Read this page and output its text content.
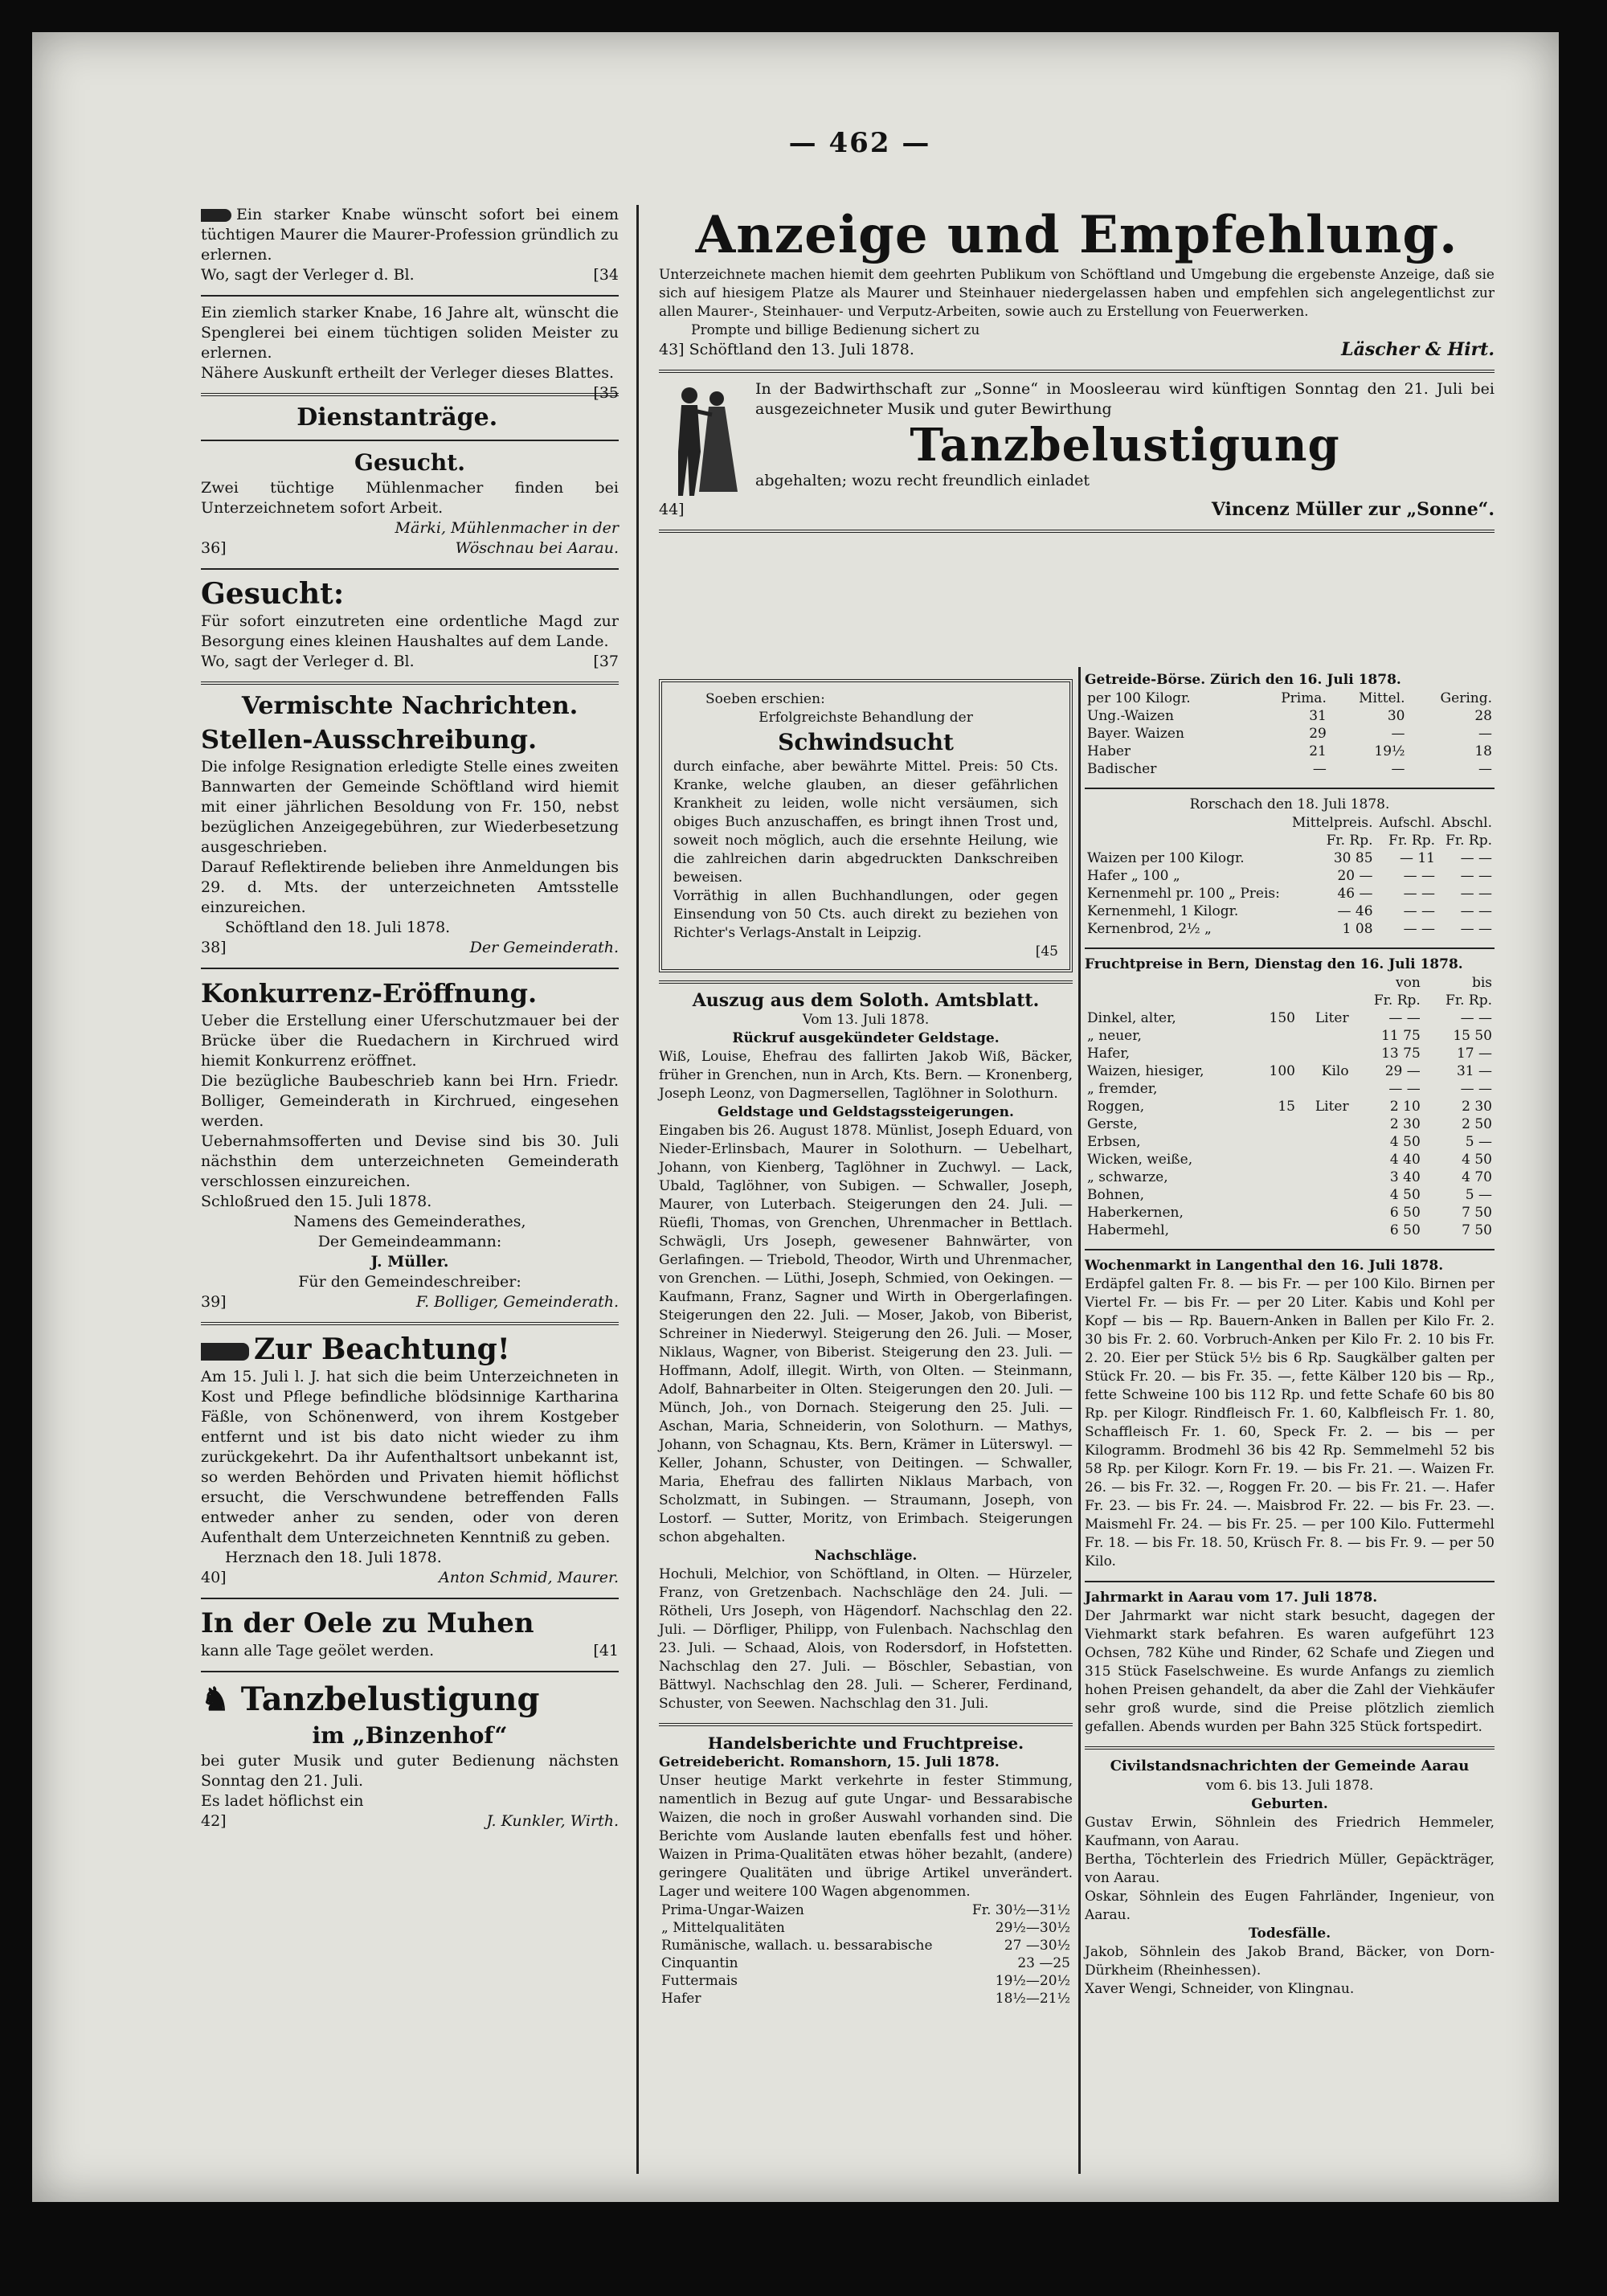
— 462 —

Ein starker Knabe wünscht sofort bei einem tüchtigen Maurer die Maurer-Profession gründlich zu erlernen.

Wo, sagt der Verleger d. Bl.	[34

Ein ziemlich starker Knabe, 16 Jahre alt, wünscht die Spenglerei bei einem tüchtigen soliden Meister zu erlernen.

Nähere Auskunft ertheilt der Verleger dieses Blattes.
[35

Dienstanträge.

Gesucht.

Zwei tüchtige Mühlenmacher finden bei Unterzeichnetem sofort Arbeit.

Märki, Mühlenmacher in der

36]	Wöschnau bei Aarau.

Gesucht:

Für sofort einzutreten eine ordentliche Magd zur Besorgung eines kleinen Haushaltes auf dem Lande.

Wo, sagt der Verleger d. Bl.	[37

Vermischte Nachrichten.

Stellen-Ausschreibung.

Die infolge Resignation erledigte Stelle eines zweiten Bannwarten der Gemeinde Schöftland wird hiemit mit einer jährlichen Besoldung von Fr. 150, nebst bezüglichen Anzeigegebühren, zur Wiederbesetzung ausgeschrieben.

Darauf Reflektirende belieben ihre Anmeldungen bis 29. d. Mts. der unterzeichneten Amtsstelle einzureichen.

Schöftland den 18. Juli 1878.

38]	Der Gemeinderath.

Konkurrenz-Eröffnung.

Ueber die Erstellung einer Uferschutzmauer bei der Brücke über die Ruedachern in Kirchrued wird hiemit Konkurrenz eröffnet.

Die bezügliche Baubeschrieb kann bei Hrn. Friedr. Bolliger, Gemeinderath in Kirchrued, eingesehen werden.

Uebernahmsofferten und Devise sind bis 30. Juli nächsthin dem unterzeichneten Gemeinderath verschlossen einzureichen.

Schloßrued den 15. Juli 1878.

Namens des Gemeinderathes,

Der Gemeindeammann:

J. Müller.

Für den Gemeindeschreiber:

39]	F. Bolliger, Gemeinderath.

Zur Beachtung!

Am 15. Juli l. J. hat sich die beim Unterzeichneten in Kost und Pflege befindliche blödsinnige Kartharina Fäßle, von Schönenwerd, von ihrem Kostgeber entfernt und ist bis dato nicht wieder zu ihm zurückgekehrt. Da ihr Aufenthaltsort unbekannt ist, so werden Behörden und Privaten hiemit höflichst ersucht, die Verschwundene betreffenden Falls entweder anher zu senden, oder von deren Aufenthalt dem Unterzeichneten Kenntniß zu geben.

Herznach den 18. Juli 1878.

40]	Anton Schmid, Maurer.

In der Oele zu Muhen

kann alle Tage geölet werden.	[41

♞ Tanzbelustigung

im „Binzenhof“

bei guter Musik und guter Bedienung nächsten Sonntag den 21. Juli.

Es ladet höflichst ein

42]	J. Kunkler, Wirth.

Anzeige und Empfehlung.

Unterzeichnete machen hiemit dem geehrten Publikum von Schöftland und Umgebung die ergebenste Anzeige, daß sie sich auf hiesigem Platze als Maurer und Steinhauer niedergelassen haben und empfehlen sich angelegentlichst zur allen Maurer-, Steinhauer- und Verputz-Arbeiten, sowie auch zu Erstellung von Feuerwerken.

Prompte und billige Bedienung sichert zu

43] Schöftland den 13. Juli 1878.	Läscher & Hirt.

In der Badwirthschaft zur „Sonne“ in Moosleerau wird künftigen Sonntag den 21. Juli bei ausgezeichneter Musik und guter Bewirthung

Tanzbelustigung

abgehalten; wozu recht freundlich einladet

44]	Vincenz Müller zur „Sonne“.

Soeben erschien:

Erfolgreichste Behandlung der

Schwindsucht

durch einfache, aber bewährte Mittel. Preis: 50 Cts. Kranke, welche glauben, an dieser gefährlichen Krankheit zu leiden, wolle nicht versäumen, sich obiges Buch anzuschaffen, es bringt ihnen Trost und, soweit noch möglich, auch die ersehnte Heilung, wie die zahlreichen darin abgedruckten Dankschreiben beweisen.

Vorräthig in allen Buchhandlungen, oder gegen Einsendung von 50 Cts. auch direkt zu beziehen von Richter's Verlags-Anstalt in Leipzig.

[45

Auszug aus dem Soloth. Amtsblatt.

Vom 13. Juli 1878.

Rückruf ausgekündeter Geldstage.

Wiß, Louise, Ehefrau des fallirten Jakob Wiß, Bäcker, früher in Grenchen, nun in Arch, Kts. Bern. — Kronenberg, Joseph Leonz, von Dagmersellen, Taglöhner in Solothurn.

Geldstage und Geldstagssteigerungen.

Eingaben bis 26. August 1878. Münlist, Joseph Eduard, von Nieder-Erlinsbach, Maurer in Solothurn. — Uebelhart, Johann, von Kienberg, Taglöhner in Zuchwyl. — Lack, Ubald, Taglöhner, von Subigen. — Schwaller, Joseph, Maurer, von Luterbach. Steigerungen den 24. Juli. — Rüefli, Thomas, von Grenchen, Uhrenmacher in Bettlach. Schwägli, Urs Joseph, gewesener Bahnwärter, von Gerlafingen. — Triebold, Theodor, Wirth und Uhrenmacher, von Grenchen. — Lüthi, Joseph, Schmied, von Oekingen. — Kaufmann, Franz, Sagner und Wirth in Obergerlafingen. Steigerungen den 22. Juli. — Moser, Jakob, von Biberist, Schreiner in Niederwyl. Steigerung den 26. Juli. — Moser, Niklaus, Wagner, von Biberist. Steigerung den 23. Juli. — Hoffmann, Adolf, illegit. Wirth, von Olten. — Steinmann, Adolf, Bahnarbeiter in Olten. Steigerungen den 20. Juli. — Münch, Joh., von Dornach. Steigerung den 25. Juli. — Aschan, Maria, Schneiderin, von Solothurn. — Mathys, Johann, von Schagnau, Kts. Bern, Krämer in Lüterswyl. — Keller, Johann, Schuster, von Deitingen. — Schwaller, Maria, Ehefrau des fallirten Niklaus Marbach, von Scholzmatt, in Subingen. — Straumann, Joseph, von Lostorf. — Sutter, Moritz, von Erimbach. Steigerungen schon abgehalten.

Nachschläge.

Hochuli, Melchior, von Schöftland, in Olten. — Hürzeler, Franz, von Gretzenbach. Nachschläge den 24. Juli. — Rötheli, Urs Joseph, von Hägendorf. Nachschlag den 22. Juli. — Dörfliger, Philipp, von Fulenbach. Nachschlag den 23. Juli. — Schaad, Alois, von Rodersdorf, in Hofstetten. Nachschlag den 27. Juli. — Böschler, Sebastian, von Bättwyl. Nachschlag den 28. Juli. — Scherer, Ferdinand, Schuster, von Seewen. Nachschlag den 31. Juli.

Handelsberichte und Fruchtpreise.

Getreidebericht. Romanshorn, 15. Juli 1878.

Unser heutige Markt verkehrte in fester Stimmung, namentlich in Bezug auf gute Ungar- und Bessarabische Waizen, die noch in großer Auswahl vorhanden sind. Die Berichte vom Auslande lauten ebenfalls fest und höher. Waizen in Prima-Qualitäten etwas höher bezahlt, (andere) geringere Qualitäten und übrige Artikel unverändert. Lager und weitere 100 Wagen abgenommen.

Prima-Ungar-Waizen	Fr. 30½—31½
„ Mittelqualitäten	29½—30½
Rumänische, wallach. u. bessarabische	27 —30½
Cinquantin	23 —25
Futtermais	19½—20½
Hafer	18½—21½

Getreide-Börse. Zürich den 16. Juli 1878.

per 100 Kilogr.	Prima.	Mittel.	Gering.
Ung.-Waizen	31	30	28
Bayer. Waizen	29	—	—
Haber	21	19½	18
Badischer	—	—	—

Rorschach den 18. Juli 1878.

	Mittelpreis.	Aufschl.	Abschl.
	Fr. Rp.	Fr. Rp.	Fr. Rp.
Waizen per 100 Kilogr.	30 85	— 11	— —
Hafer „ 100 „	20 —	— —	— —
Kernenmehl pr. 100 „ Preis:	46 —	— —	— —
Kernenmehl, 1 Kilogr.	— 46	— —	— —
Kernenbrod, 2½ „	1 08	— —	— —

Fruchtpreise in Bern, Dienstag den 16. Juli 1878.

			von	bis
			Fr. Rp.	Fr. Rp.
Dinkel, alter,	150	Liter	— —	— —
„ neuer,			11 75	15 50
Hafer,			13 75	17 —
Waizen, hiesiger,	100	Kilo	29 —	31 —
„ fremder,			— —	— —
Roggen,	15	Liter	2 10	2 30
Gerste,			2 30	2 50
Erbsen,			4 50	5 —
Wicken, weiße,			4 40	4 50
„ schwarze,			3 40	4 70
Bohnen,			4 50	5 —
Haberkernen,			6 50	7 50
Habermehl,			6 50	7 50

Wochenmarkt in Langenthal den 16. Juli 1878.

Erdäpfel galten Fr. 8. — bis Fr. — per 100 Kilo. Birnen per Viertel Fr. — bis Fr. — per 20 Liter. Kabis und Kohl per Kopf — bis — Rp. Bauern-Anken in Ballen per Kilo Fr. 2. 30 bis Fr. 2. 60. Vorbruch-Anken per Kilo Fr. 2. 10 bis Fr. 2. 20. Eier per Stück 5½ bis 6 Rp. Saugkälber galten per Stück Fr. 20. — bis Fr. 35. —, fette Kälber 120 bis — Rp., fette Schweine 100 bis 112 Rp. und fette Schafe 60 bis 80 Rp. per Kilogr. Rindfleisch Fr. 1. 60, Kalbfleisch Fr. 1. 80, Schaffleisch Fr. 1. 60, Speck Fr. 2. — bis — per Kilogramm. Brodmehl 36 bis 42 Rp. Semmelmehl 52 bis 58 Rp. per Kilogr. Korn Fr. 19. — bis Fr. 21. —. Waizen Fr. 26. — bis Fr. 32. —, Roggen Fr. 20. — bis Fr. 21. —. Hafer Fr. 23. — bis Fr. 24. —. Maisbrod Fr. 22. — bis Fr. 23. —. Maismehl Fr. 24. — bis Fr. 25. — per 100 Kilo. Futtermehl Fr. 18. — bis Fr. 18. 50, Krüsch Fr. 8. — bis Fr. 9. — per 50 Kilo.

Jahrmarkt in Aarau vom 17. Juli 1878.

Der Jahrmarkt war nicht stark besucht, dagegen der Viehmarkt stark befahren. Es waren aufgeführt 123 Ochsen, 782 Kühe und Rinder, 62 Schafe und Ziegen und 315 Stück Faselschweine. Es wurde Anfangs zu ziemlich hohen Preisen gehandelt, da aber die Zahl der Viehkäufer sehr groß wurde, sind die Preise plötzlich ziemlich gefallen. Abends wurden per Bahn 325 Stück fortspedirt.

Civilstandsnachrichten der Gemeinde Aarau

vom 6. bis 13. Juli 1878.

Geburten.

Gustav Erwin, Söhnlein des Friedrich Hemmeler, Kaufmann, von Aarau.

Bertha, Töchterlein des Friedrich Müller, Gepäckträger, von Aarau.

Oskar, Söhnlein des Eugen Fahrländer, Ingenieur, von Aarau.

Todesfälle.

Jakob, Söhnlein des Jakob Brand, Bäcker, von Dorn-Dürkheim (Rheinhessen).

Xaver Wengi, Schneider, von Klingnau.
